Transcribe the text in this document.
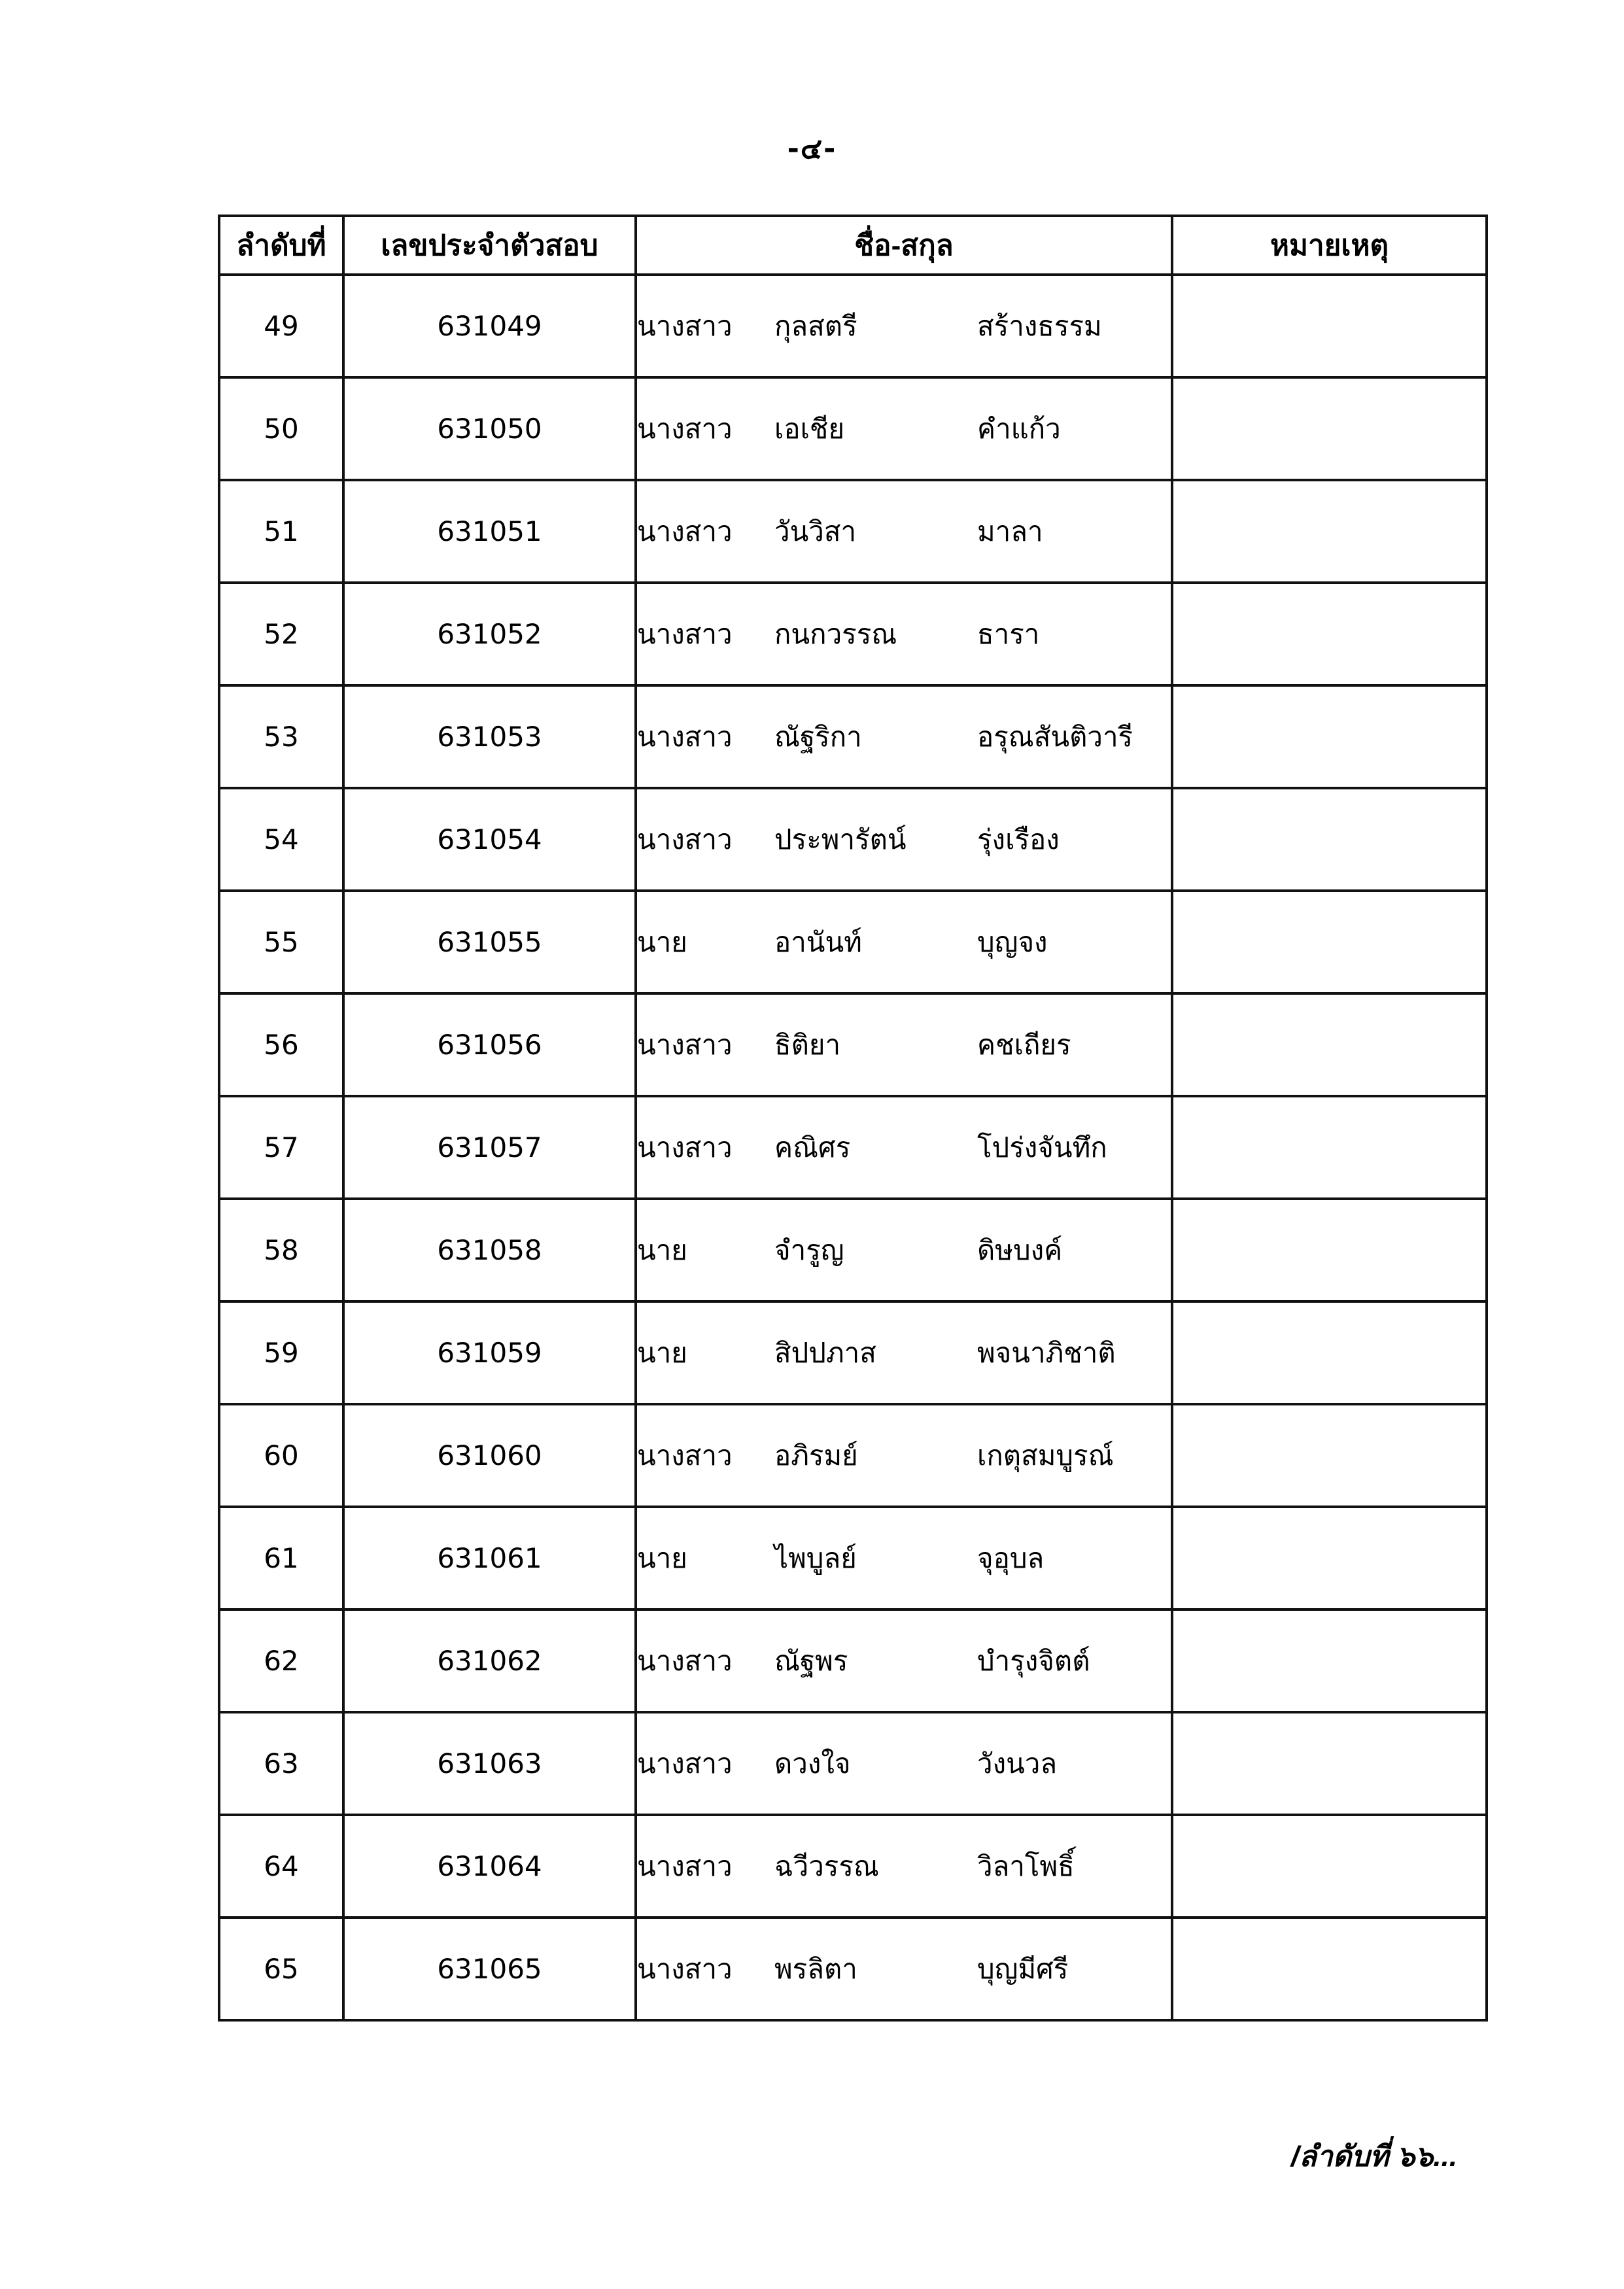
-๔-
ลำดับที่	เลขประจำตัวสอบ	ชื่อ-สกุล	หมายเหตุ
49	631049	นางสาว กุลสตรี สร้างธรรม	

50	631050	นางสาว เอเชีย คำแก้ว	

51	631051	นางสาว วันวิสา มาลา	

52	631052	นางสาว กนกวรรณ ธารา	

53	631053	นางสาว ณัฐริกา อรุณสันติวารี	

54	631054	นางสาว ประพารัตน์ รุ่งเรือง	

55	631055	นาย อานันท์ บุญจง	

56	631056	นางสาว ธิติยา คชเถียร	

57	631057	นางสาว คณิศร โปร่งจันทึก	

58	631058	นาย จำรูญ ดิษบงค์	

59	631059	นาย สิปปภาส พจนาภิชาติ	

60	631060	นางสาว อภิรมย์ เกตุสมบูรณ์	

61	631061	นาย ไพบูลย์ จุอุบล	

62	631062	นางสาว ณัฐพร บำรุงจิตต์	

63	631063	นางสาว ดวงใจ วังนวล	

64	631064	นางสาว ฉวีวรรณ วิลาโพธิ์	

65	631065	นางสาว พรลิตา บุญมีศรี	

/ลำดับที่ ๖๖...
